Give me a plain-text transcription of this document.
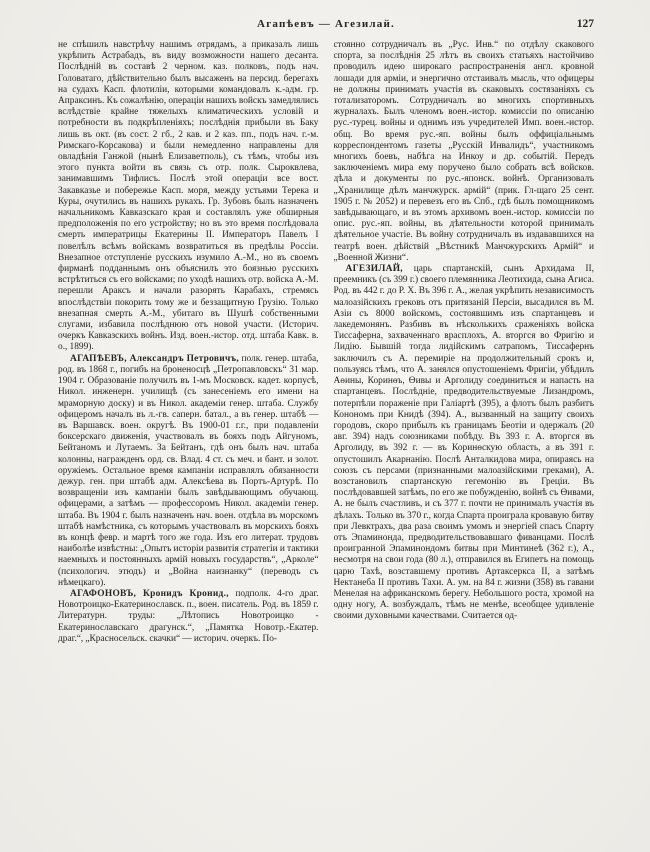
Агапѣевъ — Агезилай.	127

не спѣшилъ навстрѣчу нашимъ отрядамъ, а приказалъ лишь укрѣпить Астрабадъ, въ виду возможности нашего десанта. Послѣдній въ составѣ 2 черном. каз. полковъ, подъ нач. Головатаго, дѣйствительно былъ высаженъ на персид. берегахъ на судахъ Касп. флотиліи, которыми командовалъ к.-адм. гр. Апраксинъ. Къ сожалѣнію, операціи нашихъ войскъ замедлялись вслѣдствіе крайне тяжелыхъ климатическихъ условій и потребности въ подкрѣпленіяхъ; послѣднія прибыли въ Баку лишь въ окт. (въ сост. 2 гб., 2 кав. и 2 каз. пп., подъ нач. г.-м. Римскаго-Корсакова) и были немедленно направлены для овладѣнія Ганжой (нынѣ Елизаветполь), съ тѣмъ, чтобы изъ этого пункта войти въ связь съ отр. полк. Сыроквлева, занимавшимъ Тифлисъ. Послѣ этой операціи все вост. Закавказье и побережье Касп. моря, между устьями Терека и Куры, очутились въ нашихъ рукахъ. Гр. Зубовъ былъ назначенъ начальникомъ Кавказскаго края и составлялъ уже обширныя предположенія по его устройству; но въ это время послѣдовала смерть императрицы Екатерины II. Императоръ Павелъ I повелѣлъ всѣмъ войскамъ возвратиться въ предѣлы Россіи. Внезапное отступленіе русскихъ изумило А.-М., но въ своемъ фирманѣ подданнымъ онъ объяснилъ это боязнью русскихъ встрѣтиться съ его войсками; по уходѣ нашихъ отр. войска А.-М. перешли Араксъ и начали разорять Карабахъ, стремясь впослѣдствіи покорить тому же и беззащитную Грузію. Только внезапная смерть А.-М., убитаго въ Шушѣ собственными слугами, избавила послѣднюю отъ новой участи. (Историч. очеркъ Кавказскихъ войнъ. Изд. воен.-истор. отд. штаба Кавк. в. о., 1899).

АГАПѢЕВЪ, Александръ Петровичъ, полк. генер. штаба, род. въ 1868 г., погибъ на броненосцѣ „Петропавловскъ“ 31 мар. 1904 г. Образованіе получилъ въ 1-мъ Московск. кадет. корпусѣ, Никол. инженерн. училищѣ (съ занесеніемъ его имени на мраморную доску) и въ Никол. академіи генер. штаба. Службу офицеромъ началъ въ л.-гв. саперн. батал., а въ генер. штабѣ — въ Варшавск. воен. округѣ. Въ 1900-01 г.г., при подавленіи боксерскаго движенія, участвовалъ въ бояхъ подъ Айгуномъ, Бейтаномъ и Лутаемъ. За Бейтанъ, гдѣ онъ былъ нач. штаба колонны, награжденъ орд. св. Влад. 4 ст. съ меч. и бант. и золот. оружіемъ. Остальное время кампаніи исправлялъ обязанности дежур. ген. при штабѣ адм. Алексѣева въ Портъ-Артурѣ. По возвращеніи изъ кампаніи былъ завѣдывающимъ обучающ. офицерами, а затѣмъ — профессоромъ Никол. академіи генер. штаба. Въ 1904 г. былъ назначенъ нач. воен. отдѣла въ морскомъ штабѣ намѣстника, съ которымъ участвовалъ въ морскихъ бояхъ въ концѣ февр. и мартѣ того же года. Изъ его литерат. трудовъ наиболѣе извѣстны: „Опытъ исторіи развитія стратегіи и тактики наемныхъ и постоянныхъ армій новыхъ государствъ“, „Арколе“ (психологич. этюдъ) и „Война наизнанку“ (переводъ съ нѣмецкаго).

АГАФОНОВЪ, Кронидъ Кронид., подполк. 4-го драг. Новотроицко-Екатеринославск. п., воен. писатель. Род. въ 1859 г. Литературн. труды: „Лѣтопись Новотроицко - Екатеринославскаго драгунск.“, „Памятка Новотр.-Екатер. драг.“, „Красносельск. скачки“ — историч. очеркъ. По-

стоянно сотрудничалъ въ „Рус. Инв.“ по отдѣлу скакового спорта, за послѣднія 25 лѣтъ въ своихъ статьяхъ настойчиво проводилъ идею широкаго распространенія англ. кровной лошади для арміи, и энергично отстаивалъ мысль, что офицеры не должны принимать участія въ скаковыхъ состязаніяхъ съ тотализаторомъ. Сотрудничалъ во многихъ спортивныхъ журналахъ. Былъ членомъ воен.-истор. комиссіи по описанію рус.-турец. войны и однимъ изъ учредителей Имп. воен.-истор. общ. Во время рус.-яп. войны былъ оффиціальнымъ корреспондентомъ газеты „Русскій Инвалидъ“, участникомъ многихъ боевъ, набѣга на Инкоу и др. событій. Передъ заключеніемъ мира ему поручено было собрать всѣ войсков. дѣла и документы по рус.-японск. войнѣ. Организовалъ „Хранилище дѣлъ манчжурск. армій“ (прик. Гл-щаго 25 сент. 1905 г. № 2052) и перевезъ его въ Спб., гдѣ былъ помощникомъ завѣдывающаго, и въ этомъ архивомъ воен.-истор. комиссіи по опис. рус.-яп. войны, въ дѣятельности которой принималъ дѣятельное участіе. Въ войну сотрудничалъ въ издававшихся на театрѣ воен. дѣйствій „Вѣстникѣ Манчжурскихъ Армій“ и „Военной Жизни“.

АГЕЗИЛАЙ, царь спартанскій, сынъ Архидама II, преемникъ (съ 399 г.) своего племянника Леотихида, сына Агиса. Род. въ 442 г. до Р. Х. Въ 396 г. А., желая укрѣпить независимость малоазійскихъ грековъ отъ притязаній Персіи, высадился въ М. Азіи съ 8000 войскомъ, состоявшимъ изъ спартанцевъ и лакедемонянъ. Разбивъ въ нѣсколькихъ сраженіяхъ войска Тиссаферна, захваченнаго врасплохъ, А. вторгся во Фригію и Лидію. Бывшій тогда лидійскимъ сатрапомъ, Тиссафернъ заключилъ съ А. перемиріе на продолжительный срокъ и, пользуясь тѣмъ, что А. занялся опустошеніемъ Фригіи, убѣдилъ Аѳины, Коринѳъ, Ѳивы и Арголиду соединиться и напасть на спартанцевъ. Послѣдніе, предводительствуемые Лизандромъ, потерпѣли пораженіе при Галіартѣ (395), а флотъ былъ разбитъ Конономъ при Книдѣ (394). А., вызванный на защиту своихъ городовъ, скоро прибылъ къ границамъ Беотіи и одержалъ (20 авг. 394) надъ союзниками побѣду. Въ 393 г. А. вторгся въ Арголиду, въ 392 г. — въ Коринѳскую область, а въ 391 г. опустошилъ Акарнанію. Послѣ Анталкидова мира, опираясь на союзъ съ персами (признанными малоазійскими греками), А. возстановилъ спартанскую гегемонію въ Греціи. Въ послѣдовавшей затѣмъ, по его же побужденію, войнѣ съ Ѳивами, А. не былъ счастливъ, и съ 377 г. почти не принималъ участія въ дѣлахъ. Только въ 370 г., когда Спарта проиграла кровавую битву при Левктрахъ, два раза своимъ умомъ и энергіей спасъ Спарту отъ Эпаминонда, предводительствовавшаго фиванцами. Послѣ проигранной Эпаминондомъ битвы при Минтинеѣ (362 г.), А., несмотря на свои года (80 л.), отправился въ Египетъ на помощь царю Тахѣ, возставшему противъ Артаксеркса II, а затѣмъ Нектанеба II противъ Тахи. А. ум. на 84 г. жизни (358) въ гавани Менелая на африканскомъ берегу. Небольшого роста, хромой на одну ногу, А. возбуждалъ, тѣмъ не менѣе, всеобщее удивленіе своими духовными качествами. Считается од-
